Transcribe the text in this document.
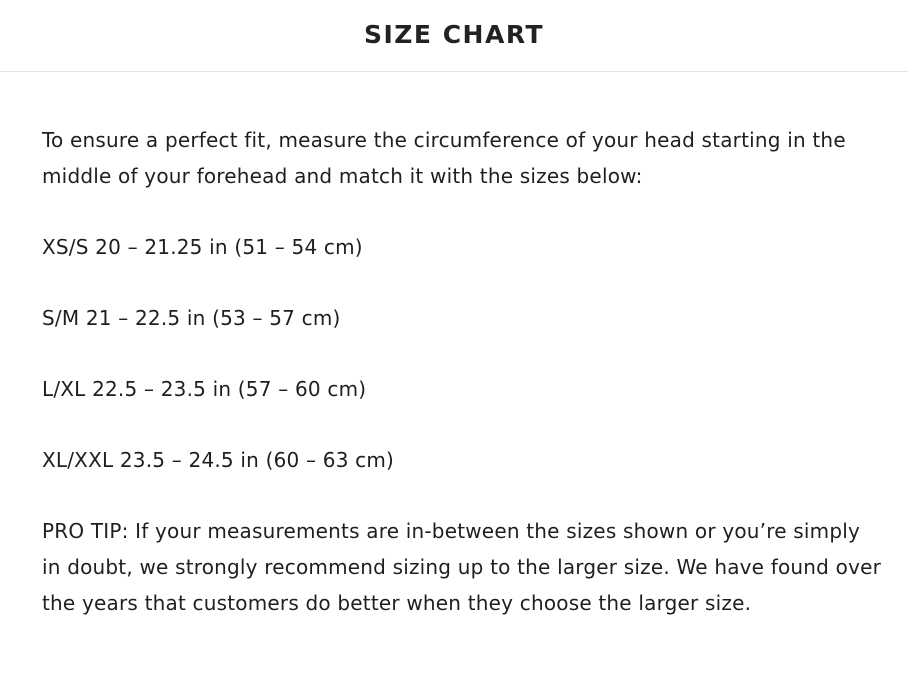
SIZE CHART

To ensure a perfect fit, measure the circumference of your head starting in the middle of your forehead and match it with the sizes below:

XS/S 20 – 21.25 in (51 – 54 cm)

S/M 21 – 22.5 in (53 – 57 cm)

L/XL 22.5 – 23.5 in (57 – 60 cm)

XL/XXL 23.5 – 24.5 in (60 – 63 cm)

PRO TIP: If your measurements are in-between the sizes shown or you’re simply in doubt, we strongly recommend sizing up to the larger size. We have found over the years that customers do better when they choose the larger size.
